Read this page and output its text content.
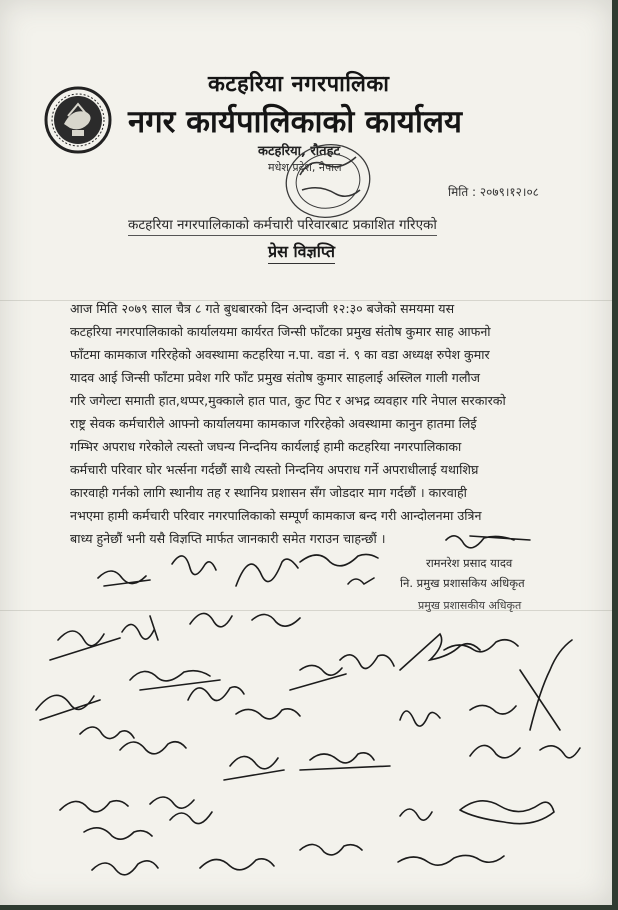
कटहरिया नगरपालिका
नगर कार्यपालिकाको कार्यालय
कटहरिया, रौतहट
मधेश प्रदेश, नेपाल
मिति : २०७९।१२।०८
कटहरिया नगरपालिकाको कर्मचारी परिवारबाट प्रकाशित गरिएको
प्रेस विज्ञप्ति
आज मिति २०७९ साल चैत्र ८ गते बुधबारको दिन अन्दाजी १२:३० बजेको समयमा यस
कटहरिया नगरपालिकाको कार्यालयमा कार्यरत जिन्सी फाँटका प्रमुख संतोष कुमार साह आफनो
फाँटमा कामकाज गरिरहेको अवस्थामा कटहरिया न.पा. वडा नं. ९ का वडा अध्यक्ष रुपेश कुमार
यादव आई जिन्सी फाँटमा प्रवेश गरि फाँट प्रमुख संतोष कुमार साहलाई अस्लिल गाली गलौज
गरि जगेल्टा समाती हात,थप्पर,मुक्काले हात पात, कुट पिट र अभद्र व्यवहार गरि नेपाल सरकारको
राष्ट्र सेवक कर्मचारीले आफ्नो कार्यालयमा कामकाज गरिरहेको अवस्थामा कानुन हातमा लिई
गम्भिर अपराध गरेकोले त्यस्तो जघन्य निन्दनिय कार्यलाई हामी कटहरिया नगरपालिकाका
कर्मचारी परिवार घोर भर्त्सना गर्दछौं साथै त्यस्तो निन्दनिय अपराध गर्ने अपराधीलाई यथाशिघ्र
कारवाही गर्नको लागि स्थानीय तह र स्थानिय प्रशासन सँग जोडदार माग गर्दछौं । कारवाही
नभएमा हामी कर्मचारी परिवार नगरपालिकाको सम्पूर्ण कामकाज बन्द गरी आन्दोलनमा उत्रिन
बाध्य हुनेछौं भनी यसै विज्ञप्ति मार्फत जानकारी समेत गराउन चाहन्छौं ।
रामनरेश प्रसाद यादव
नि. प्रमुख प्रशासकिय अधिकृत
प्रमुख प्रशासकीय अधिकृत
